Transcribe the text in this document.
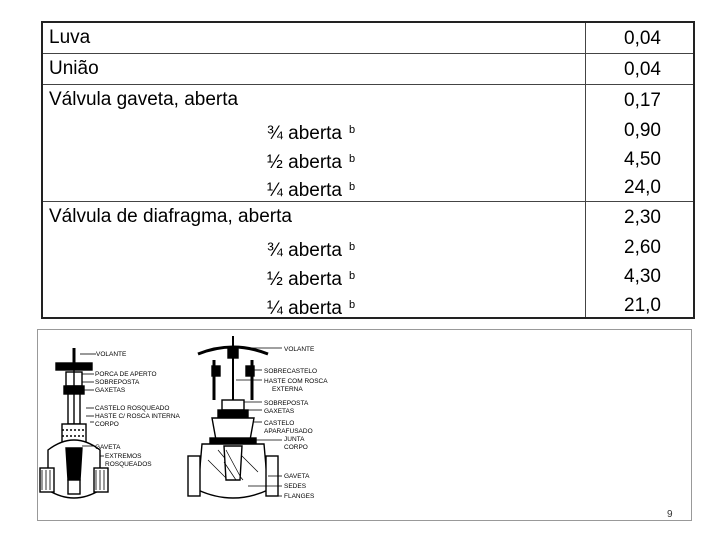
Luva	0,04
União	0,04
Válvula gaveta, aberta	0,17
¾ aberta $^b$	0,90
½ aberta $^b$	4,50
¼ aberta $^b$	24,0
Válvula de diafragma, aberta	2,30
¾ aberta $^b$	2,60
½ aberta $^b$	4,30
¼ aberta $^b$	21,0
VOLANTE
PORCA DE APERTO
SOBREPOSTA
GAXETAS
CASTELO ROSQUEADO
HASTE C/ ROSCA INTERNA
CORPO
GAVETA
EXTREMOS
ROSQUEADOS
VOLANTE
SOBRECASTELO
HASTE COM ROSCA
EXTERNA
SOBREPOSTA
GAXETAS
CASTELO
APARAFUSADO
JUNTA
CORPO
GAVETA
SEDES
FLANGES
9
